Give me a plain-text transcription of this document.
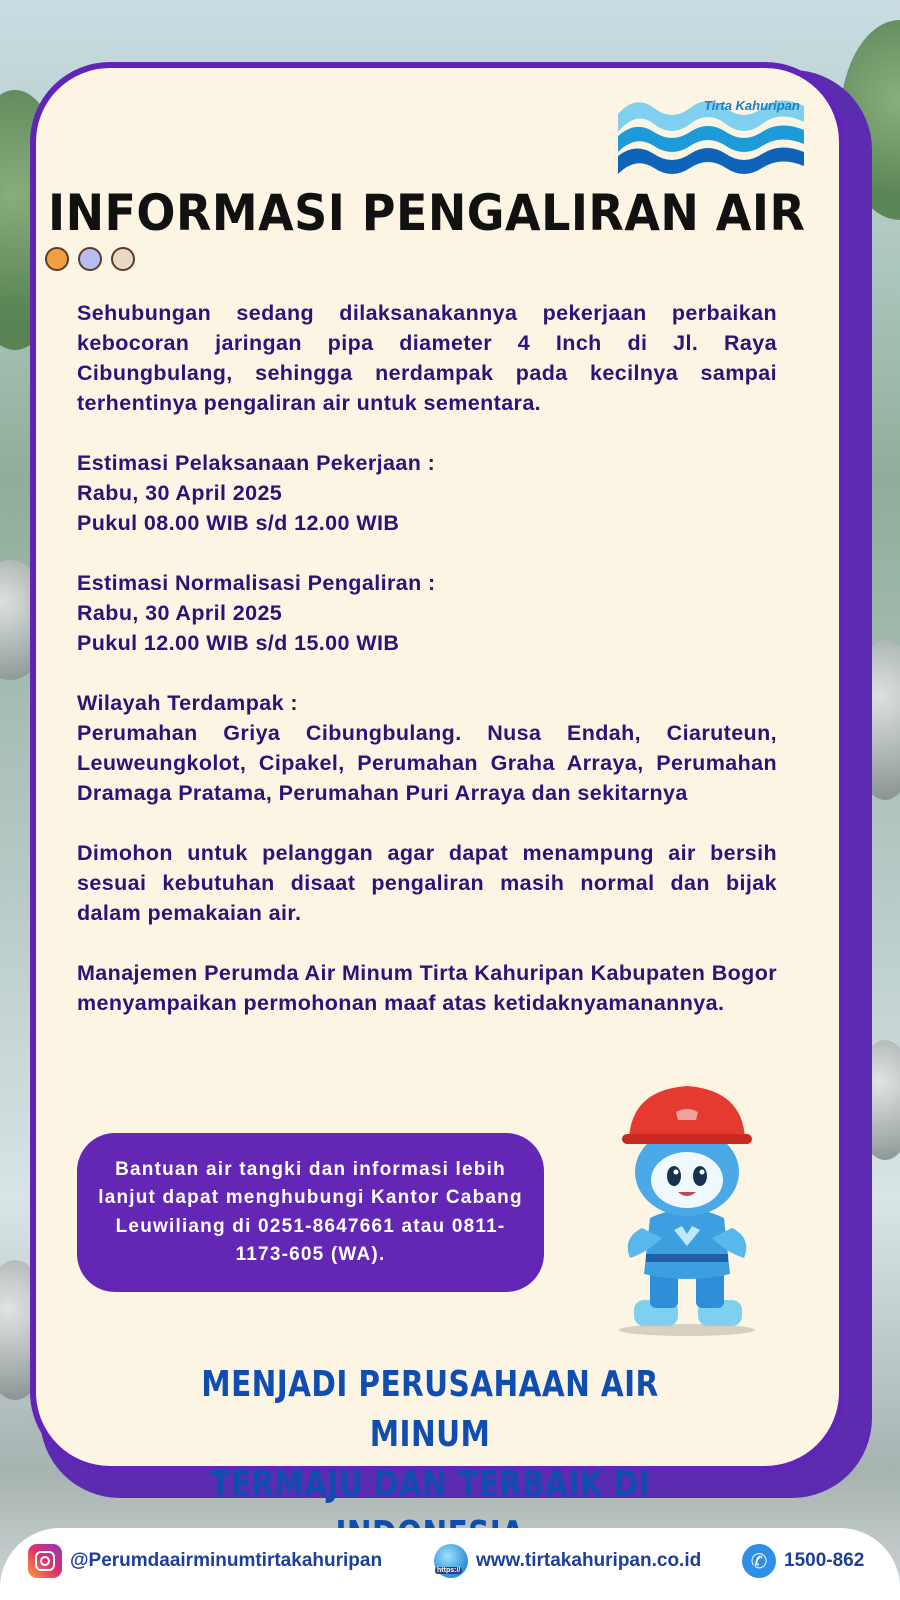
Tirta Kahuripan
INFORMASI PENGALIRAN AIR

Sehubungan sedang dilaksanakannya pekerjaan perbaikan kebocoran jaringan pipa diameter 4 Inch di Jl. Raya Cibungbulang, sehingga nerdampak pada kecilnya sampai terhentinya pengaliran air untuk sementara.

Estimasi Pelaksanaan Pekerjaan :
Rabu, 30 April 2025
Pukul 08.00 WIB s/d 12.00 WIB

Estimasi Normalisasi Pengaliran :
Rabu, 30 April 2025
Pukul 12.00 WIB s/d 15.00 WIB

Wilayah Terdampak :
Perumahan Griya Cibungbulang. Nusa Endah, Ciaruteun, Leuweungkolot, Cipakel, Perumahan Graha Arraya, Perumahan Dramaga Pratama, Perumahan Puri Arraya dan sekitarnya

Dimohon untuk pelanggan agar dapat menampung air bersih sesuai kebutuhan disaat pengaliran masih normal dan bijak dalam pemakaian air.

Manajemen Perumda Air Minum Tirta Kahuripan Kabupaten Bogor menyampaikan permohonan maaf atas ketidaknyamanannya.

Bantuan air tangki dan informasi lebih lanjut dapat menghubungi Kantor Cabang Leuwiliang di 0251-8647661 atau 0811-1173-605 (WA).
MENJADI PERUSAHAAN AIR MINUM
TERMAJU DAN TERBAIK DI
@Perumdaairminumtirtakahuripan	https:// www.tirtakahuripan.co.id	✆ 1500-862
